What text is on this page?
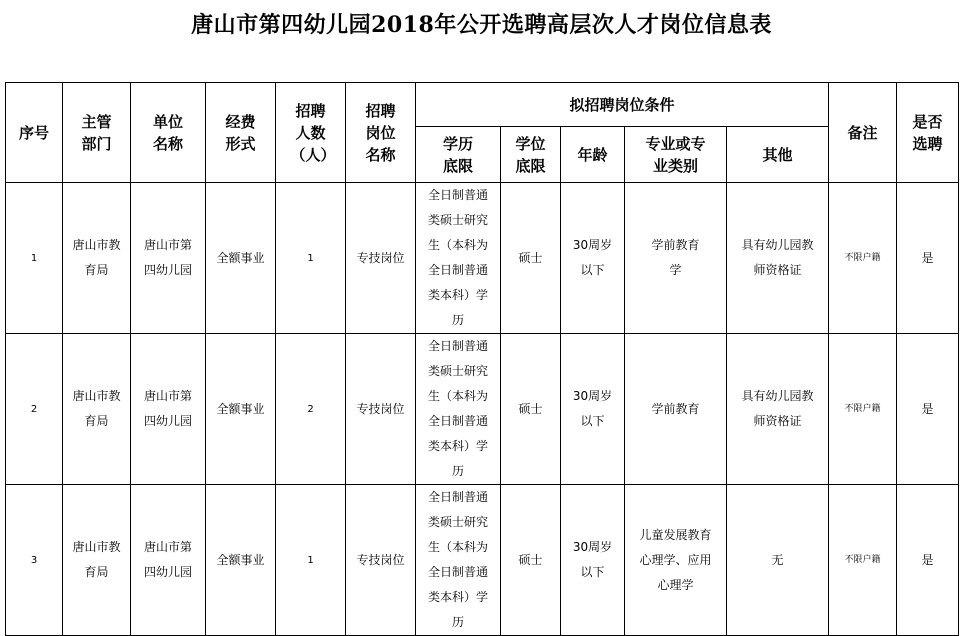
唐山市第四幼儿园2018年公开选聘高层次人才岗位信息表
序号	主管部门	单位名称	经费形式	招聘人数（人）	招聘岗位名称	拟招聘岗位条件					备注	是否选聘
						学历底限	学位底限	年龄	专业或专业类别	其他		
1	唐山市教育局	唐山市第四幼儿园	全额事业	1	专技岗位	全日制普通类硕士研究生（本科为全日制普通类本科）学历	硕士	30周岁以下	学前教育学	具有幼儿园教师资格证	不限户籍	是
2	唐山市教育局	唐山市第四幼儿园	全额事业	2	专技岗位	全日制普通类硕士研究生（本科为全日制普通类本科）学历	硕士	30周岁以下	学前教育	具有幼儿园教师资格证	不限户籍	是
3	唐山市教育局	唐山市第四幼儿园	全额事业	1	专技岗位	全日制普通类硕士研究生（本科为全日制普通类本科）学历	硕士	30周岁以下	儿童发展教育心理学、应用心理学	无	不限户籍	是
